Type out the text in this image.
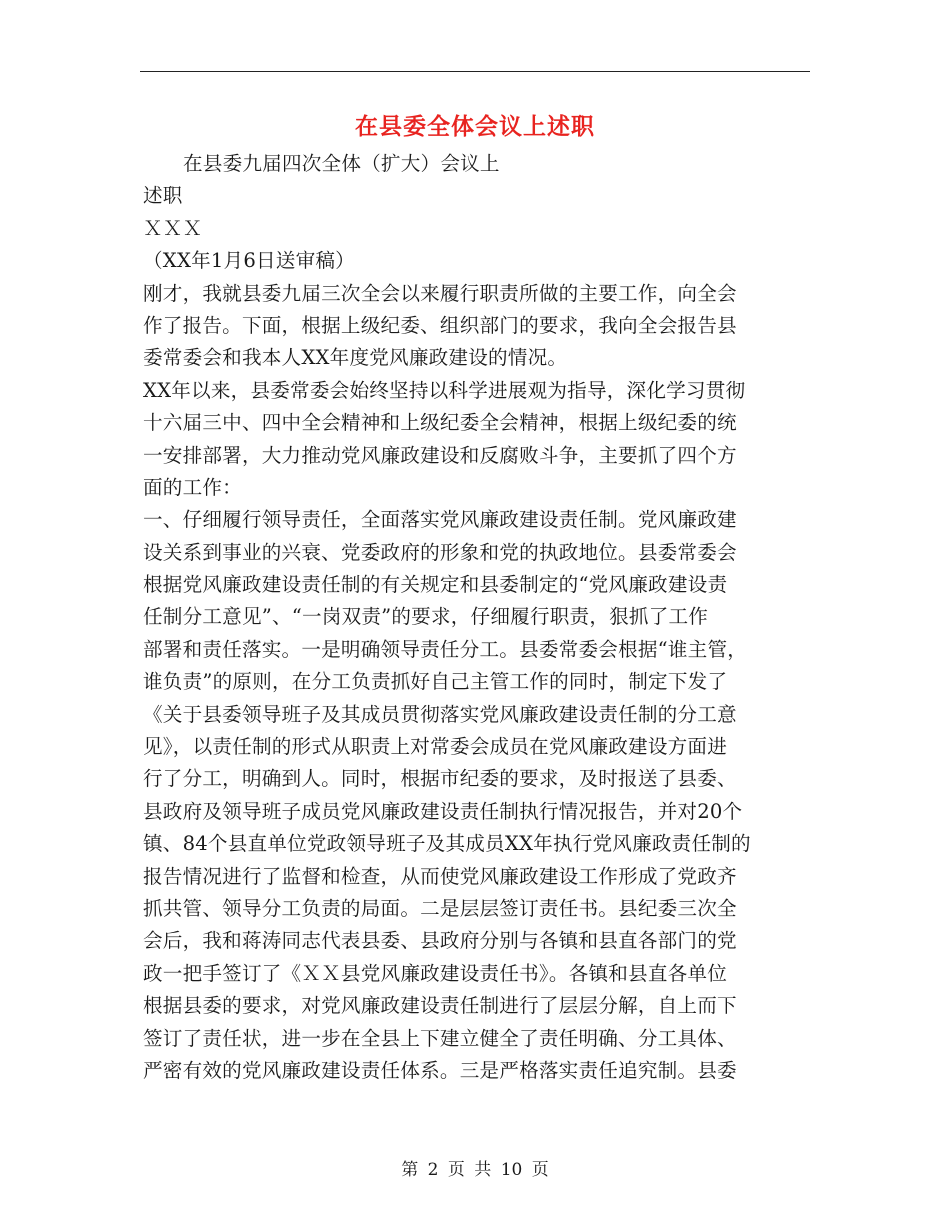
在县委全体会议上述职
在县委九届四次全体（扩大）会议上
述职
ＸＸＸ
（XX年1月6日送审稿）
刚才，我就县委九届三次全会以来履行职责所做的主要工作，向全会
作了报告。下面，根据上级纪委、组织部门的要求，我向全会报告县
委常委会和我本人XX年度党风廉政建设的情况。
XX年以来，县委常委会始终坚持以科学进展观为指导，深化学习贯彻
十六届三中、四中全会精神和上级纪委全会精神，根据上级纪委的统
一安排部署，大力推动党风廉政建设和反腐败斗争，主要抓了四个方
面的工作：
一、仔细履行领导责任，全面落实党风廉政建设责任制。党风廉政建
设关系到事业的兴衰、党委政府的形象和党的执政地位。县委常委会
根据党风廉政建设责任制的有关规定和县委制定的“党风廉政建设责
任制分工意见”、“一岗双责”的要求，仔细履行职责，狠抓了工作
部署和责任落实。一是明确领导责任分工。县委常委会根据“谁主管，
谁负责”的原则，在分工负责抓好自己主管工作的同时，制定下发了
《关于县委领导班子及其成员贯彻落实党风廉政建设责任制的分工意
见》，以责任制的形式从职责上对常委会成员在党风廉政建设方面进
行了分工，明确到人。同时，根据市纪委的要求，及时报送了县委、
县政府及领导班子成员党风廉政建设责任制执行情况报告，并对20个
镇、84个县直单位党政领导班子及其成员XX年执行党风廉政责任制的
报告情况进行了监督和检查，从而使党风廉政建设工作形成了党政齐
抓共管、领导分工负责的局面。二是层层签订责任书。县纪委三次全
会后，我和蒋涛同志代表县委、县政府分别与各镇和县直各部门的党
政一把手签订了《ＸＸ县党风廉政建设责任书》。各镇和县直各单位
根据县委的要求，对党风廉政建设责任制进行了层层分解，自上而下
签订了责任状，进一步在全县上下建立健全了责任明确、分工具体、
严密有效的党风廉政建设责任体系。三是严格落实责任追究制。县委
第 2 页 共 10 页
